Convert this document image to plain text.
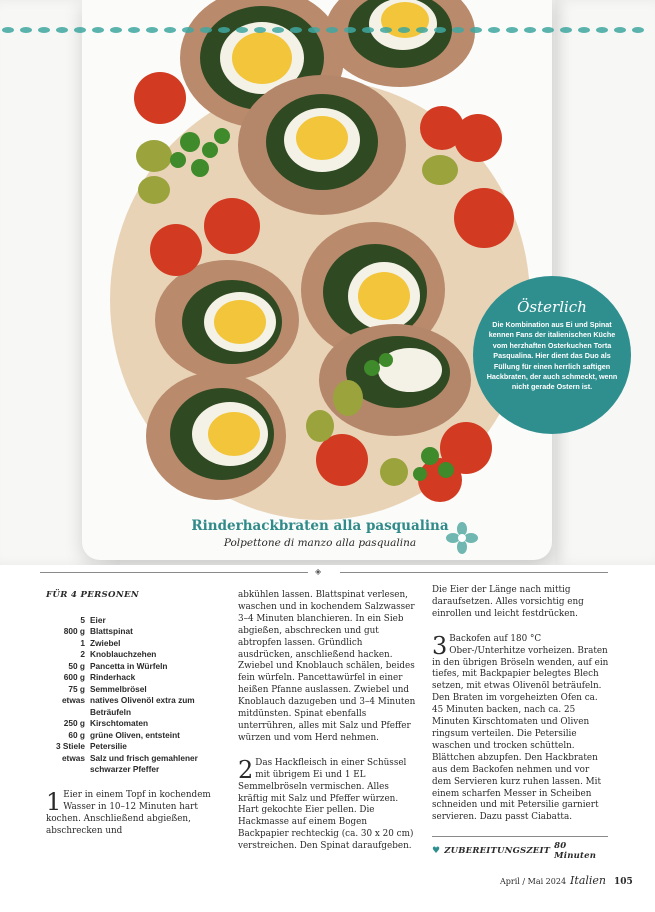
Österlich
Die Kombination aus Ei und Spinat kennen Fans der italienischen Küche vom herzhaften Osterkuchen Torta Pasqualina. Hier dient das Duo als Füllung für einen herrlich saftigen Hackbraten, der auch schmeckt, wenn nicht gerade Ostern ist.
Rinderhackbraten alla pasqualina
Polpettone di manzo alla pasqualina
◈
FÜR 4 PERSONEN
5	Eier
800 g	Blattspinat
1	Zwiebel
2	Knoblauchzehen
50 g	Pancetta in Würfeln
600 g	Rinderhack
75 g	Semmelbrösel
etwas	natives Olivenöl extra zum Beträufeln
250 g	Kirschtomaten
60 g	grüne Oliven, entsteint
3 Stiele	Petersilie
etwas	Salz und frisch gemahlener schwarzer Pfeffer
1 Eier in einem Topf in kochendem Wasser in 10–12 Minuten hart kochen. Anschließend abgießen, abschrecken und
abkühlen lassen. Blattspinat verlesen, waschen und in kochendem Salzwasser 3–4 Minuten blanchieren. In ein Sieb abgießen, abschrecken und gut abtropfen lassen. Gründlich ausdrücken, anschließend hacken. Zwiebel und Knoblauch schälen, beides fein würfeln. Pancettawürfel in einer heißen Pfanne auslassen. Zwiebel und Knoblauch dazugeben und 3–4 Minuten mitdünsten. Spinat ebenfalls unterrühren, alles mit Salz und Pfeffer würzen und vom Herd nehmen.
2 Das Hackfleisch in einer Schüssel mit übrigem Ei und 1 EL Semmelbröseln vermischen. Alles kräftig mit Salz und Pfeffer würzen. Hart gekochte Eier pellen. Die Hackmasse auf einem Bogen Backpapier rechteckig (ca. 30 x 20 cm) verstreichen. Den Spinat daraufgeben.
Die Eier der Länge nach mittig daraufsetzen. Alles vorsichtig eng einrollen und leicht festdrücken.
3 Backofen auf 180 °C Ober-/Unterhitze vorheizen. Braten in den übrigen Bröseln wenden, auf ein tiefes, mit Backpapier belegtes Blech setzen, mit etwas Olivenöl beträufeln. Den Braten im vorgeheizten Ofen ca. 45 Minuten backen, nach ca. 25 Minuten Kirschtomaten und Oliven ringsum verteilen. Die Petersilie waschen und trocken schütteln. Blättchen abzupfen. Den Hackbraten aus dem Backofen nehmen und vor dem Servieren kurz ruhen lassen. Mit einem scharfen Messer in Scheiben schneiden und mit Petersilie garniert servieren. Dazu passt Ciabatta.
♥ ZUBEREITUNGSZEIT 80 Minuten
April / Mai 2024 Italien 105
